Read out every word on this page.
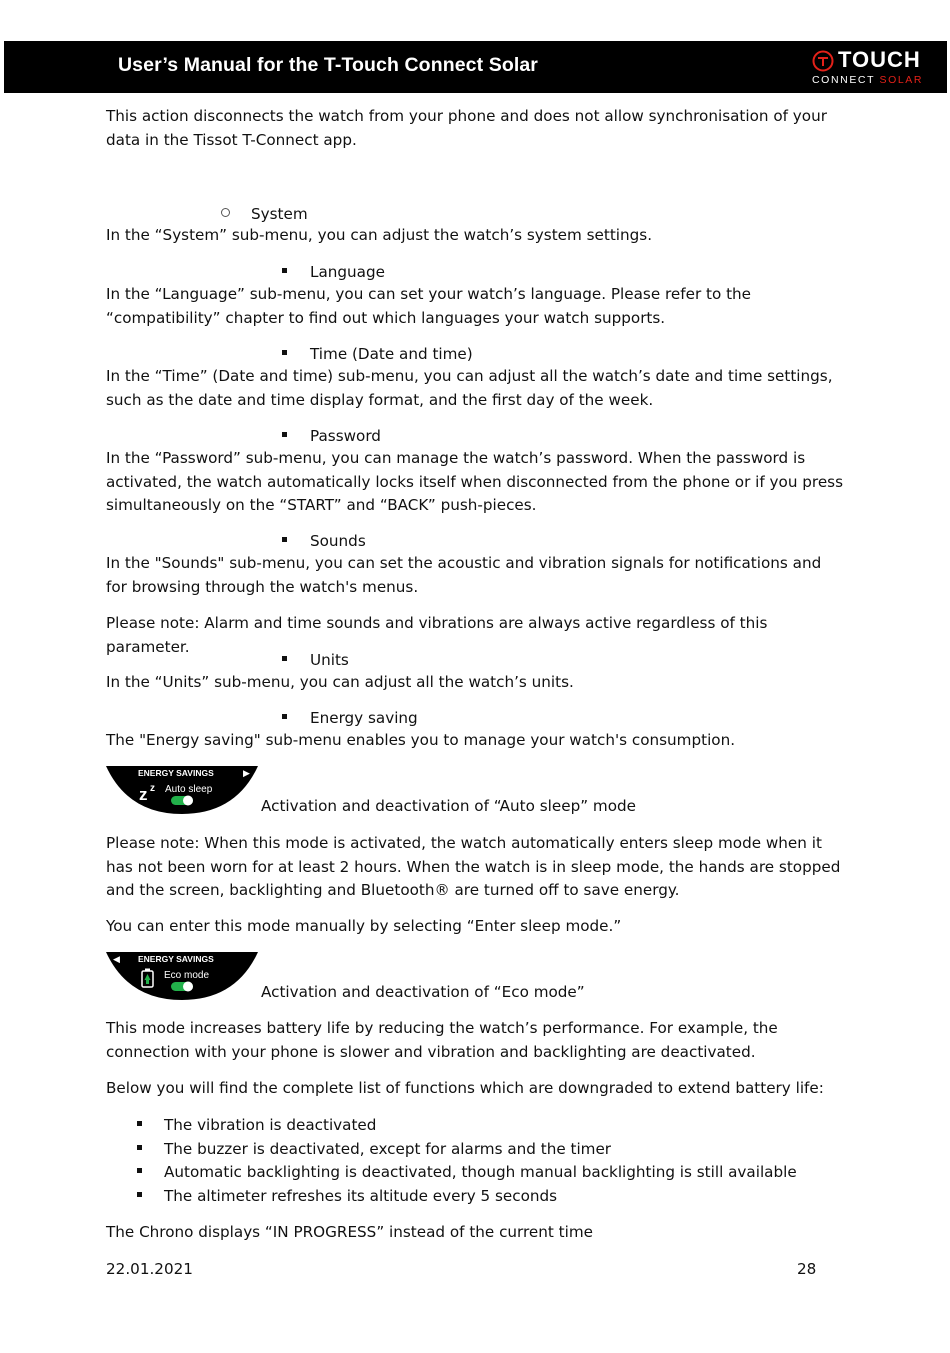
User’s Manual for the T-Touch Connect Solar	TOUCH
CONNECT SOLAR

This action disconnects the watch from your phone and does not allow synchronisation of your data in the Tissot T-Connect app.

System

In the “System” sub-menu, you can adjust the watch’s system settings.

Language

In the “Language” sub-menu, you can set your watch’s language. Please refer to the “compatibility” chapter to find out which languages your watch supports.

Time (Date and time)

In the “Time” (Date and time) sub-menu, you can adjust all the watch’s date and time settings, such as the date and time display format, and the first day of the week.

Password

In the “Password” sub-menu, you can manage the watch’s password. When the password is activated, the watch automatically locks itself when disconnected from the phone or if you press simultaneously on the “START” and “BACK” push-pieces.

Sounds

In the "Sounds" sub-menu, you can set the acoustic and vibration signals for notifications and for browsing through the watch's menus.

Please note: Alarm and time sounds and vibrations are always active regardless of this parameter.

Units

In the “Units” sub-menu, you can adjust all the watch’s units.

Energy saving

The "Energy saving" sub-menu enables you to manage your watch's consumption.

ENERGY SAVINGS	▶
z z Auto sleep
Activation and deactivation of “Auto sleep” mode

Please note: When this mode is activated, the watch automatically enters sleep mode when it has not been worn for at least 2 hours. When the watch is in sleep mode, the hands are stopped and the screen, backlighting and Bluetooth® are turned off to save energy.

You can enter this mode manually by selecting “Enter sleep mode.”

◀ ENERGY SAVINGS
Eco mode
Activation and deactivation of “Eco mode”

This mode increases battery life by reducing the watch’s performance. For example, the connection with your phone is slower and vibration and backlighting are deactivated.

Below you will find the complete list of functions which are downgraded to extend battery life:

The vibration is deactivated
The buzzer is deactivated, except for alarms and the timer
Automatic backlighting is deactivated, though manual backlighting is still available
The altimeter refreshes its altitude every 5 seconds

The Chrono displays “IN PROGRESS” instead of the current time

22.01.2021	28
